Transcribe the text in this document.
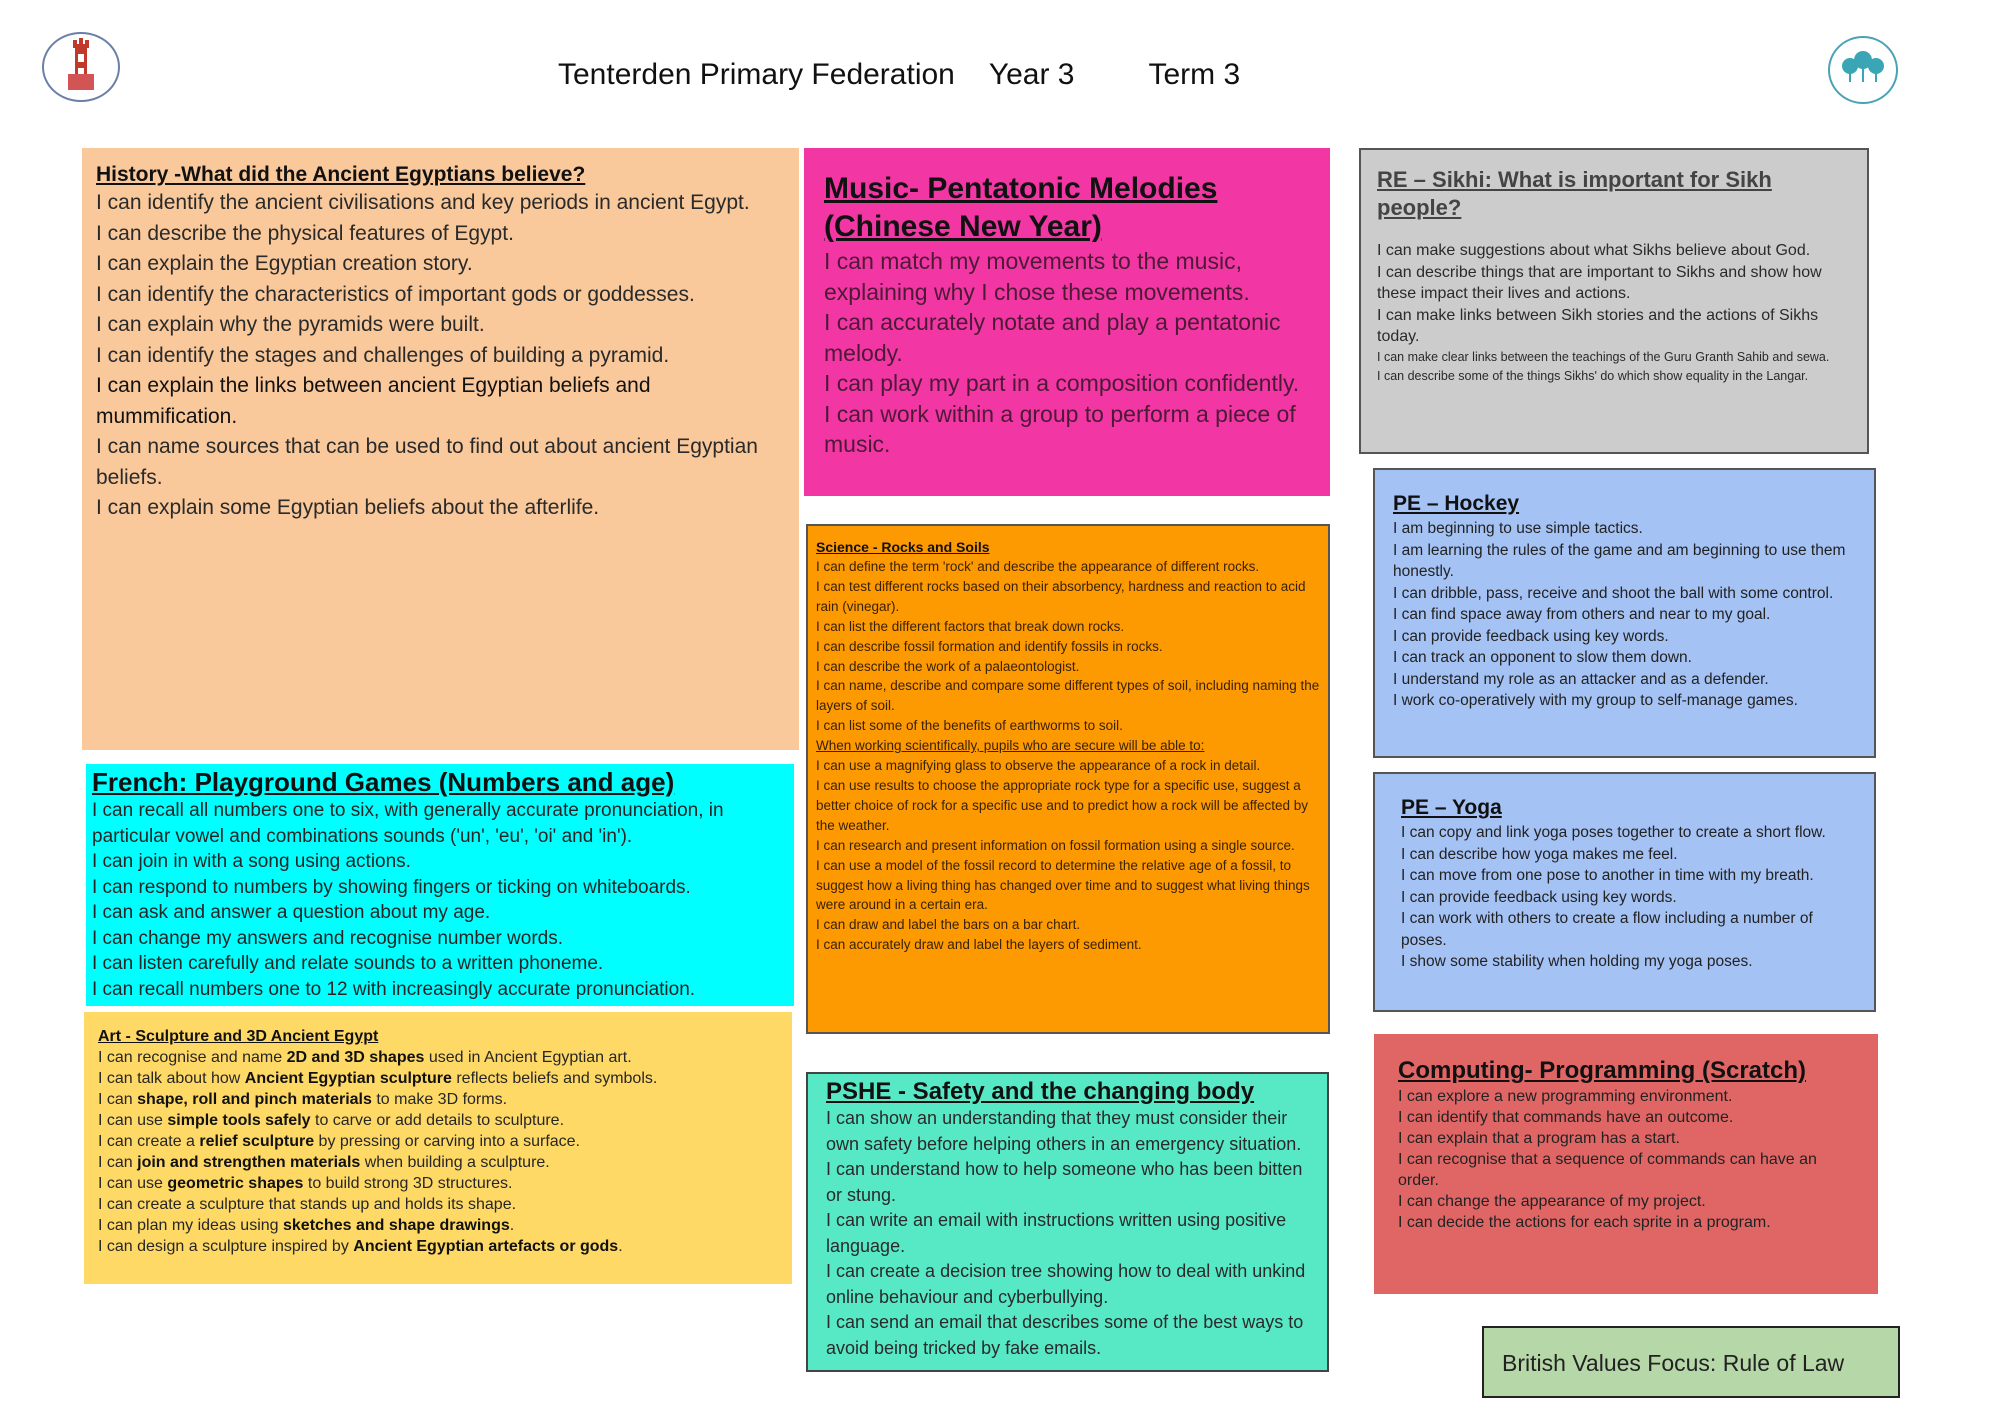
Tenterden Primary Federation Year 3 Term 3
History -What did the Ancient Egyptians believe?
I can identify the ancient civilisations and key periods in ancient Egypt.
I can describe the physical features of Egypt.
I can explain the Egyptian creation story.
I can identify the characteristics of important gods or goddesses.
I can explain why the pyramids were built.
I can identify the stages and challenges of building a pyramid.
I can explain the links between ancient Egyptian beliefs and mummification.
I can name sources that can be used to find out about ancient Egyptian beliefs.
I can explain some Egyptian beliefs about the afterlife.
Music- Pentatonic Melodies (Chinese New Year)
I can match my movements to the music, explaining why I chose these movements.
I can accurately notate and play a pentatonic melody.
I can play my part in a composition confidently.
I can work within a group to perform a piece of music.
RE – Sikhi: What is important for Sikh people?
I can make suggestions about what Sikhs believe about God.
I can describe things that are important to Sikhs and show how these impact their lives and actions.
I can make links between Sikh stories and the actions of Sikhs today.
I can make clear links between the teachings of the Guru Granth Sahib and sewa.
I can describe some of the things Sikhs' do which show equality in the Langar.
Science - Rocks and Soils
I can define the term 'rock' and describe the appearance of different rocks.
I can test different rocks based on their absorbency, hardness and reaction to acid rain (vinegar).
I can list the different factors that break down rocks.
I can describe fossil formation and identify fossils in rocks.
I can describe the work of a palaeontologist.
I can name, describe and compare some different types of soil, including naming the layers of soil.
I can list some of the benefits of earthworms to soil.
When working scientifically, pupils who are secure will be able to:
I can use a magnifying glass to observe the appearance of a rock in detail.
I can use results to choose the appropriate rock type for a specific use, suggest a better choice of rock for a specific use and to predict how a rock will be affected by the weather.
I can research and present information on fossil formation using a single source.
I can use a model of the fossil record to determine the relative age of a fossil, to suggest how a living thing has changed over time and to suggest what living things were around in a certain era.
I can draw and label the bars on a bar chart.
I can accurately draw and label the layers of sediment.
PE – Hockey
I am beginning to use simple tactics.
I am learning the rules of the game and am beginning to use them honestly.
I can dribble, pass, receive and shoot the ball with some control.
I can find space away from others and near to my goal.
I can provide feedback using key words.
I can track an opponent to slow them down.
I understand my role as an attacker and as a defender.
I work co-operatively with my group to self-manage games.
PE – Yoga
I can copy and link yoga poses together to create a short flow.
I can describe how yoga makes me feel.
I can move from one pose to another in time with my breath.
I can provide feedback using key words.
I can work with others to create a flow including a number of poses.
I show some stability when holding my yoga poses.
French: Playground Games (Numbers and age)
I can recall all numbers one to six, with generally accurate pronunciation, in particular vowel and combinations sounds ('un', 'eu', 'oi' and 'in').
I can join in with a song using actions.
I can respond to numbers by showing fingers or ticking on whiteboards.
I can ask and answer a question about my age.
I can change my answers and recognise number words.
I can listen carefully and relate sounds to a written phoneme.
I can recall numbers one to 12 with increasingly accurate pronunciation.
Art - Sculpture and 3D Ancient Egypt
I can recognise and name 2D and 3D shapes used in Ancient Egyptian art.
I can talk about how Ancient Egyptian sculpture reflects beliefs and symbols.
I can shape, roll and pinch materials to make 3D forms.
I can use simple tools safely to carve or add details to sculpture.
I can create a relief sculpture by pressing or carving into a surface.
I can join and strengthen materials when building a sculpture.
I can use geometric shapes to build strong 3D structures.
I can create a sculpture that stands up and holds its shape.
I can plan my ideas using sketches and shape drawings.
I can design a sculpture inspired by Ancient Egyptian artefacts or gods.
PSHE - Safety and the changing body
I can show an understanding that they must consider their own safety before helping others in an emergency situation.
I can understand how to help someone who has been bitten or stung.
I can write an email with instructions written using positive language.
I can create a decision tree showing how to deal with unkind online behaviour and cyberbullying.
I can send an email that describes some of the best ways to avoid being tricked by fake emails.
Computing- Programming (Scratch)
I can explore a new programming environment.
I can identify that commands have an outcome.
I can explain that a program has a start.
I can recognise that a sequence of commands can have an order.
I can change the appearance of my project.
I can decide the actions for each sprite in a program.
British Values Focus: Rule of Law
